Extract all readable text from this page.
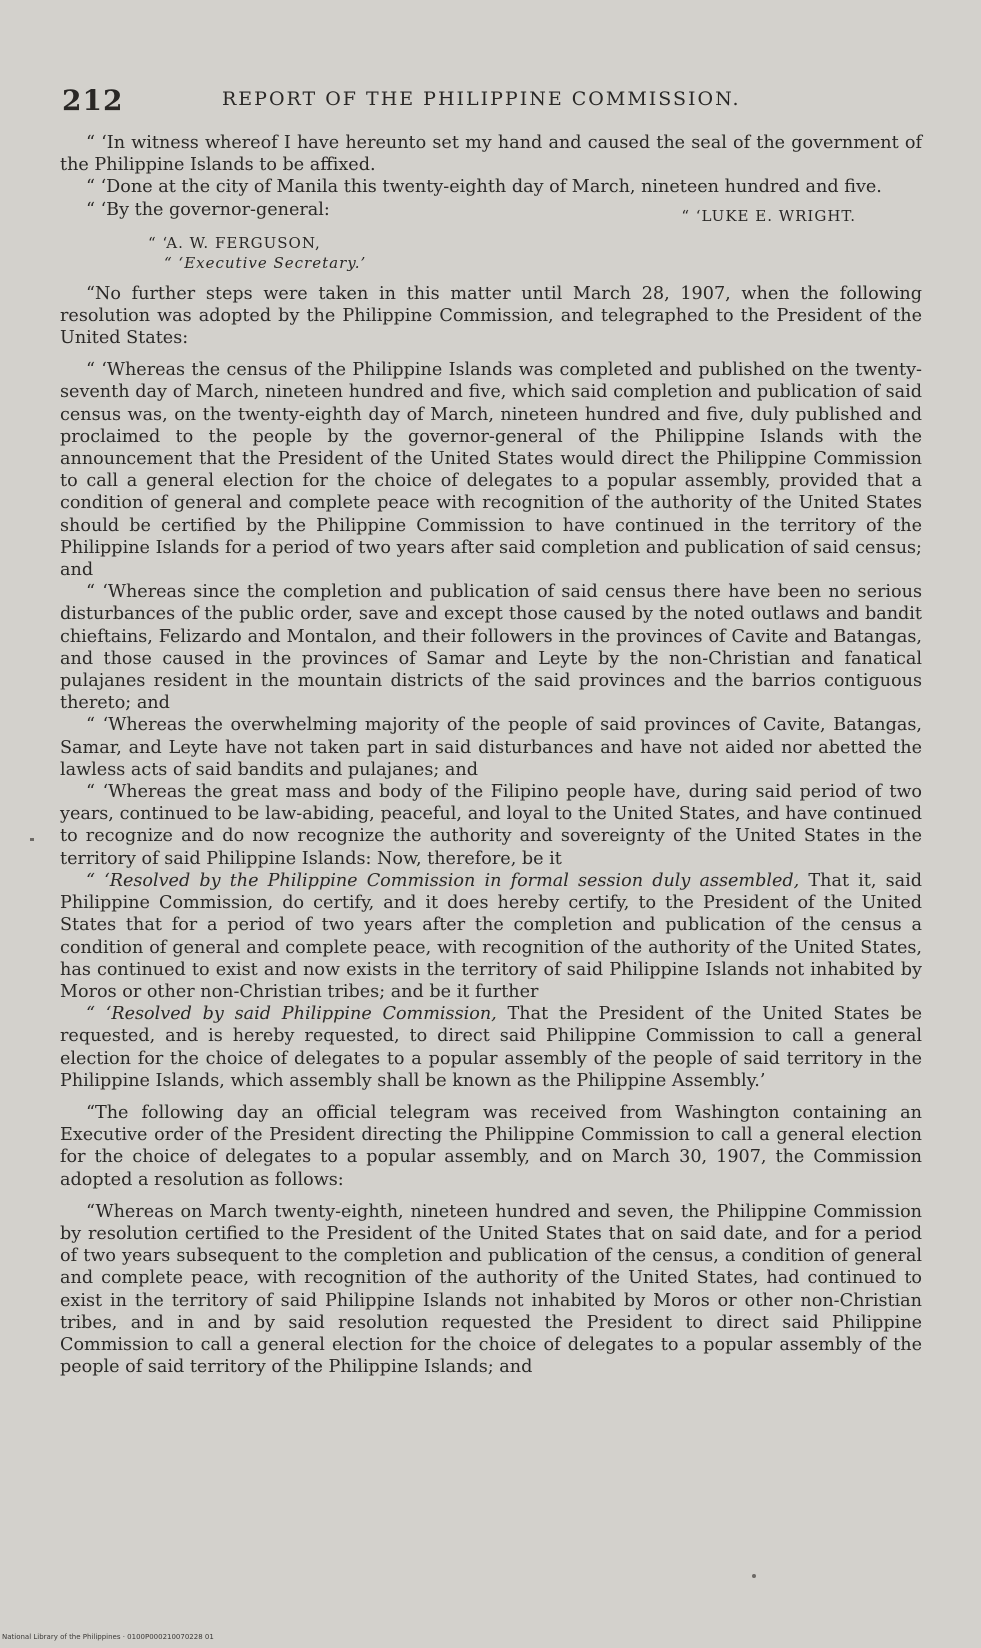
212	REPORT OF THE PHILIPPINE COMMISSION.

“ ‘In witness whereof I have hereunto set my hand and caused the seal of the government of the Philippine Islands to be affixed.

“ ‘Done at the city of Manila this twenty-eighth day of March, nineteen hundred and five.

“ ‘By the governor-general:	“ ‘LUKE E. WRIGHT.
“ ‘A. W. FERGUSON,
“ ‘Executive Secretary.’

“No further steps were taken in this matter until March 28, 1907, when the following resolution was adopted by the Philippine Commission, and telegraphed to the President of the United States:

“ ‘Whereas the census of the Philippine Islands was completed and published on the twenty-seventh day of March, nineteen hundred and five, which said completion and publication of said census was, on the twenty-eighth day of March, nineteen hundred and five, duly published and proclaimed to the people by the governor-general of the Philippine Islands with the announcement that the President of the United States would direct the Philippine Commission to call a general election for the choice of delegates to a popular assembly, provided that a condition of general and complete peace with recognition of the authority of the United States should be certified by the Philippine Commission to have continued in the territory of the Philippine Islands for a period of two years after said completion and publication of said census; and

“ ‘Whereas since the completion and publication of said census there have been no serious disturbances of the public order, save and except those caused by the noted outlaws and bandit chieftains, Felizardo and Montalon, and their followers in the provinces of Cavite and Batangas, and those caused in the provinces of Samar and Leyte by the non-Christian and fanatical pulajanes resident in the mountain districts of the said provinces and the barrios contiguous thereto; and

“ ‘Whereas the overwhelming majority of the people of said provinces of Cavite, Batangas, Samar, and Leyte have not taken part in said disturbances and have not aided nor abetted the lawless acts of said bandits and pulajanes; and

“ ‘Whereas the great mass and body of the Filipino people have, during said period of two years, continued to be law-abiding, peaceful, and loyal to the United States, and have continued to recognize and do now recognize the authority and sovereignty of the United States in the territory of said Philippine Islands: Now, therefore, be it

“ ‘Resolved by the Philippine Commission in formal session duly assembled, That it, said Philippine Commission, do certify, and it does hereby certify, to the President of the United States that for a period of two years after the completion and publication of the census a condition of general and complete peace, with recognition of the authority of the United States, has continued to exist and now exists in the territory of said Philippine Islands not inhabited by Moros or other non-Christian tribes; and be it further

“ ‘Resolved by said Philippine Commission, That the President of the United States be requested, and is hereby requested, to direct said Philippine Commission to call a general election for the choice of delegates to a popular assembly of the people of said territory in the Philippine Islands, which assembly shall be known as the Philippine Assembly.’

“The following day an official telegram was received from Washington containing an Executive order of the President directing the Philippine Commission to call a general election for the choice of delegates to a popular assembly, and on March 30, 1907, the Commission adopted a resolution as follows:

“Whereas on March twenty-eighth, nineteen hundred and seven, the Philippine Commission by resolution certified to the President of the United States that on said date, and for a period of two years subsequent to the completion and publication of the census, a condition of general and complete peace, with recognition of the authority of the United States, had continued to exist in the territory of said Philippine Islands not inhabited by Moros or other non-Christian tribes, and in and by said resolution requested the President to direct said Philippine Commission to call a general election for the choice of delegates to a popular assembly of the people of said territory of the Philippine Islands; and

National Library of the Philippines · 0100P000210070228 01
